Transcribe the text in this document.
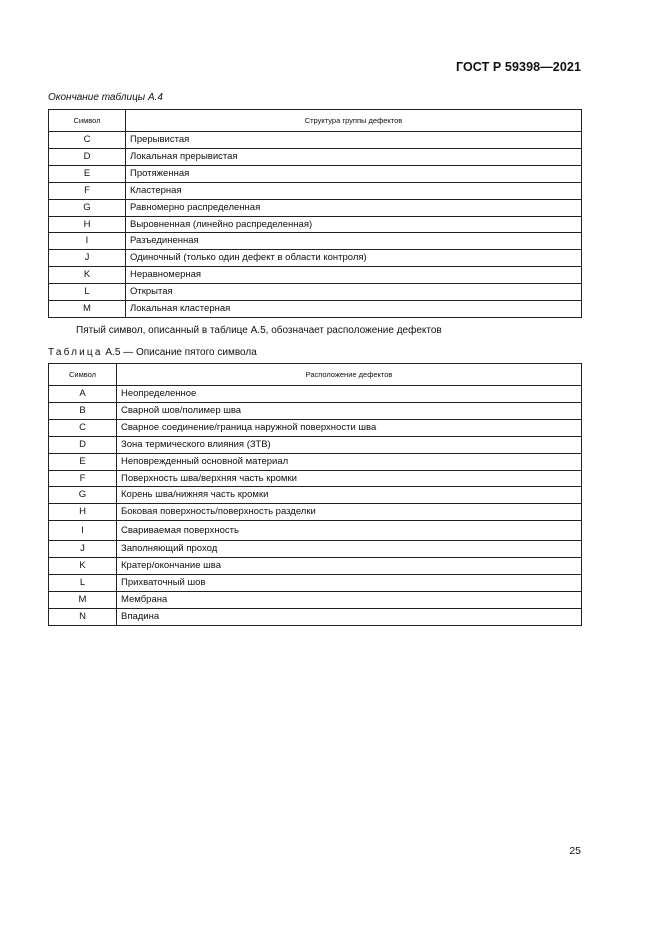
ГОСТ Р 59398—2021
Окончание таблицы А.4
Символ	Структура группы дефектов
C	Прерывистая
D	Локальная прерывистая
E	Протяженная
F	Кластерная
G	Равномерно распределенная
H	Выровненная (линейно распределенная)
I	Разъединенная
J	Одиночный (только один дефект в области контроля)
K	Неравномерная
L	Открытая
M	Локальная кластерная
Пятый символ, описанный в таблице А.5, обозначает расположение дефектов
Таблица А.5 — Описание пятого символа
Символ	Расположение дефектов
A	Неопределенное
B	Сварной шов/полимер шва
C	Сварное соединение/граница наружной поверхности шва
D	Зона термического влияния (ЗТВ)
E	Неповрежденный основной материал
F	Поверхность шва/верхняя часть кромки
G	Корень шва/нижняя часть кромки
H	Боковая поверхность/поверхность разделки
I	Свариваемая поверхность
J	Заполняющий проход
K	Кратер/окончание шва
L	Прихваточный шов
M	Мембрана
N	Впадина
25
